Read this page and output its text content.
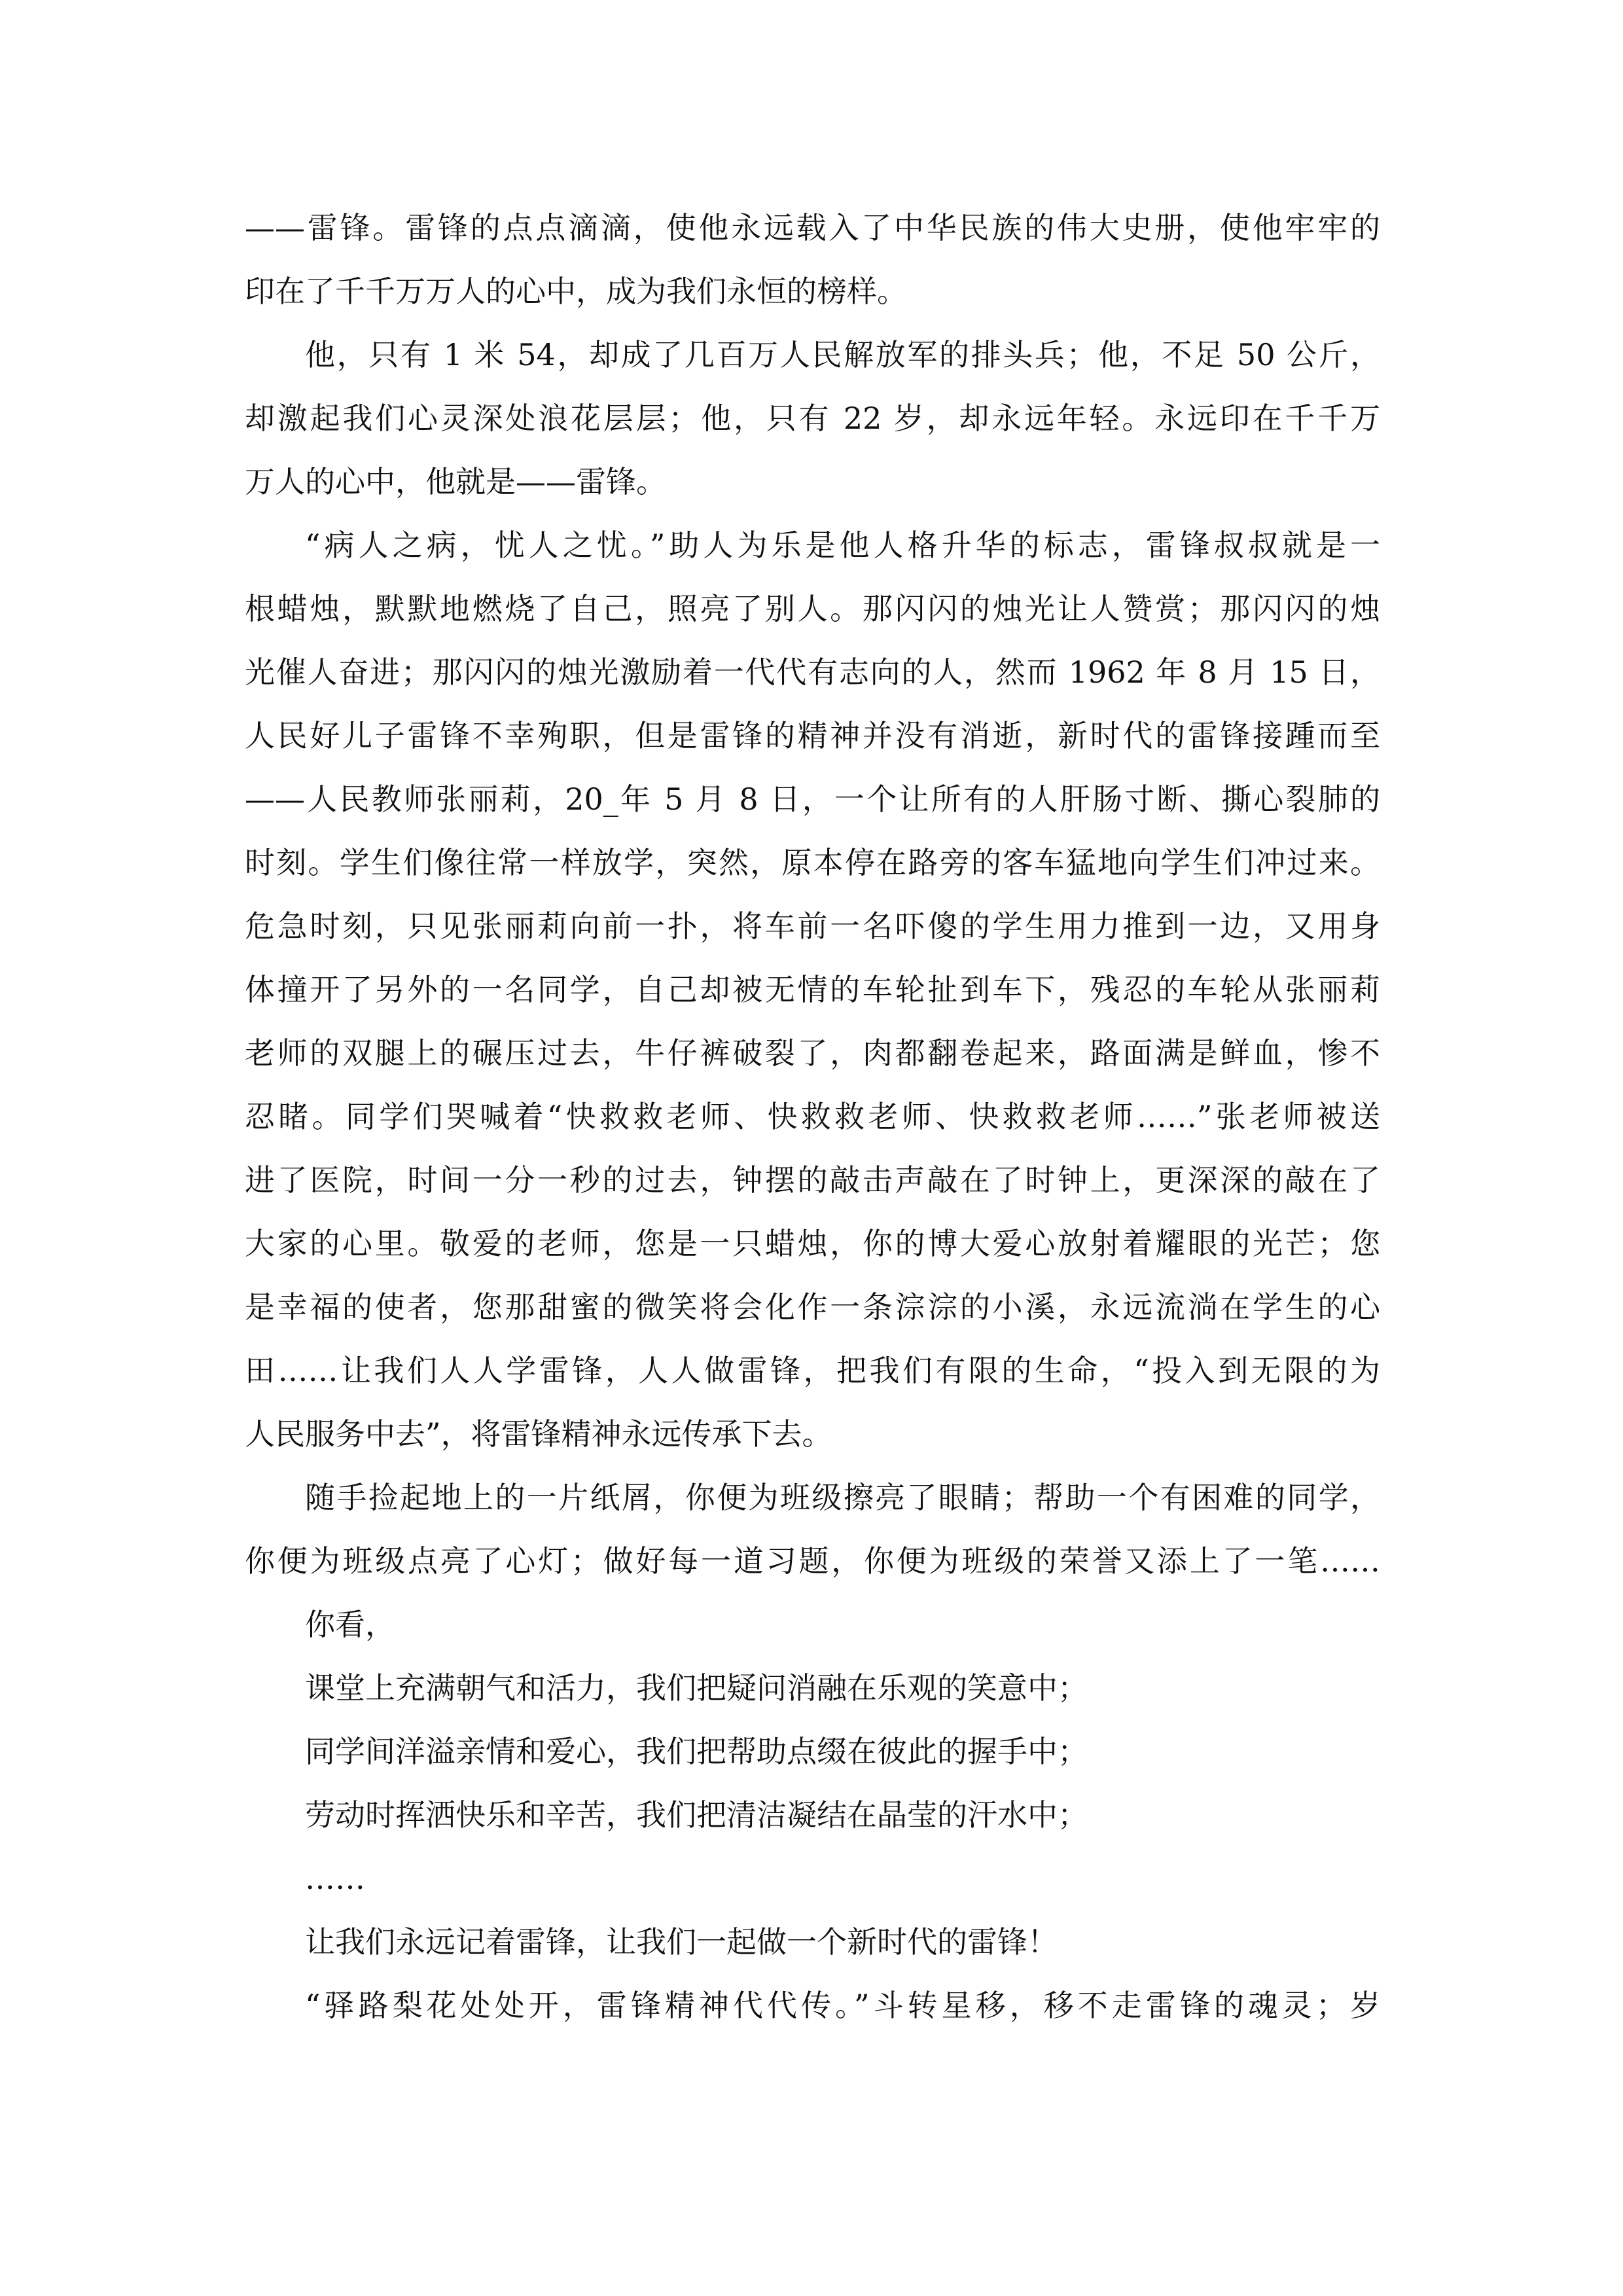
——雷锋。雷锋的点点滴滴，使他永远载入了中华民族的伟大史册，使他牢牢的
印在了千千万万人的心中，成为我们永恒的榜样。
他，只有 1 米 54，却成了几百万人民解放军的排头兵；他，不足 50 公斤，
却激起我们心灵深处浪花层层；他，只有 22 岁，却永远年轻。永远印在千千万
万人的心中，他就是——雷锋。
“病人之病，忧人之忧。”助人为乐是他人格升华的标志，雷锋叔叔就是一
根蜡烛，默默地燃烧了自己，照亮了别人。那闪闪的烛光让人赞赏；那闪闪的烛
光催人奋进；那闪闪的烛光激励着一代代有志向的人，然而 1962 年 8 月 15 日，
人民好儿子雷锋不幸殉职，但是雷锋的精神并没有消逝，新时代的雷锋接踵而至
——人民教师张丽莉，20_年 5 月 8 日，一个让所有的人肝肠寸断、撕心裂肺的
时刻。学生们像往常一样放学，突然，原本停在路旁的客车猛地向学生们冲过来。
危急时刻，只见张丽莉向前一扑，将车前一名吓傻的学生用力推到一边，又用身
体撞开了另外的一名同学，自己却被无情的车轮扯到车下，残忍的车轮从张丽莉
老师的双腿上的碾压过去，牛仔裤破裂了，肉都翻卷起来，路面满是鲜血，惨不
忍睹。同学们哭喊着“快救救老师、快救救老师、快救救老师……”张老师被送
进了医院，时间一分一秒的过去，钟摆的敲击声敲在了时钟上，更深深的敲在了
大家的心里。敬爱的老师，您是一只蜡烛，你的博大爱心放射着耀眼的光芒；您
是幸福的使者，您那甜蜜的微笑将会化作一条淙淙的小溪，永远流淌在学生的心
田……让我们人人学雷锋，人人做雷锋，把我们有限的生命，“投入到无限的为
人民服务中去”，将雷锋精神永远传承下去。
随手捡起地上的一片纸屑，你便为班级擦亮了眼睛；帮助一个有困难的同学，
你便为班级点亮了心灯；做好每一道习题，你便为班级的荣誉又添上了一笔……
你看，
课堂上充满朝气和活力，我们把疑问消融在乐观的笑意中；
同学间洋溢亲情和爱心，我们把帮助点缀在彼此的握手中；
劳动时挥洒快乐和辛苦，我们把清洁凝结在晶莹的汗水中；
……
让我们永远记着雷锋，让我们一起做一个新时代的雷锋！
“驿路梨花处处开，雷锋精神代代传。”斗转星移，移不走雷锋的魂灵；岁
